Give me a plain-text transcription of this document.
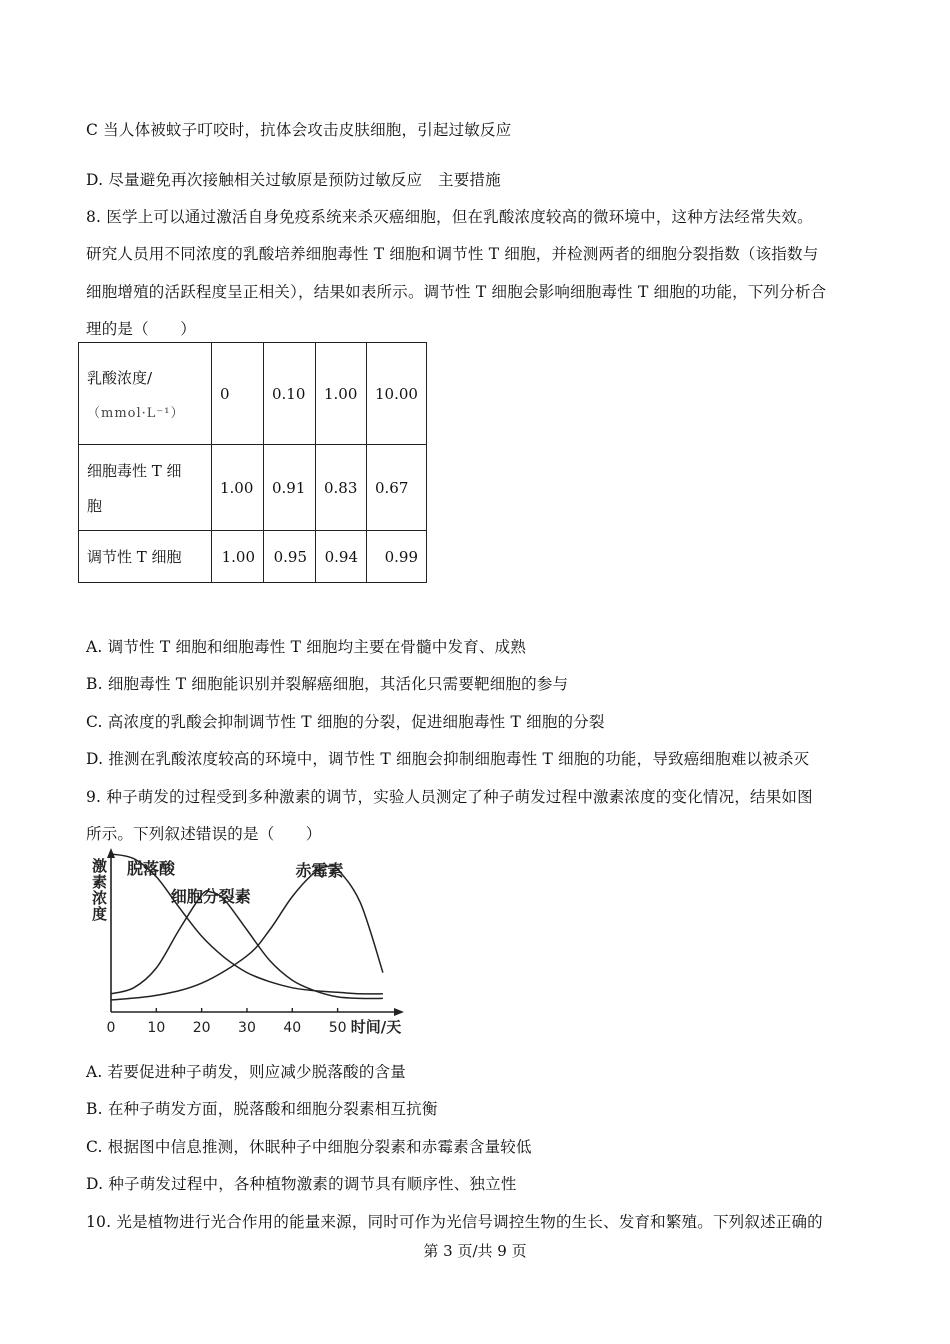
C 当人体被蚊子叮咬时，抗体会攻击皮肤细胞，引起过敏反应
D. 尽量避免再次接触相关过敏原是预防过敏反应　主要措施
8. 医学上可以通过激活自身免疫系统来杀灭癌细胞，但在乳酸浓度较高的微环境中，这种方法经常失效。
研究人员用不同浓度的乳酸培养细胞毒性 T 细胞和调节性 T 细胞，并检测两者的细胞分裂指数（该指数与
细胞增殖的活跃程度呈正相关），结果如表所示。调节性 T 细胞会影响细胞毒性 T 细胞的功能，下列分析合
理的是（　　）
乳酸浓度/
（mmol·L⁻¹）	0	0.10	1.00	10.00

细胞毒性 T 细
胞	1.00	0.91	0.83	0.67

调节性 T 细胞	1.00	0.95	0.94	0.99
A. 调节性 T 细胞和细胞毒性 T 细胞均主要在骨髓中发育、成熟
B. 细胞毒性 T 细胞能识别并裂解癌细胞，其活化只需要靶细胞的参与
C. 高浓度的乳酸会抑制调节性 T 细胞的分裂，促进细胞毒性 T 细胞的分裂
D. 推测在乳酸浓度较高的环境中，调节性 T 细胞会抑制细胞毒性 T 细胞的功能，导致癌细胞难以被杀灭
9. 种子萌发的过程受到多种激素的调节，实验人员测定了种子萌发过程中激素浓度的变化情况，结果如图
所示。下列叙述错误的是（　　）
0 10 20 30 40 50 时间/天
激素浓度 脱落酸
细胞分裂素
赤霉素
A. 若要促进种子萌发，则应减少脱落酸的含量
B. 在种子萌发方面，脱落酸和细胞分裂素相互抗衡
C. 根据图中信息推测，休眠种子中细胞分裂素和赤霉素含量较低
D. 种子萌发过程中，各种植物激素的调节具有顺序性、独立性
10. 光是植物进行光合作用的能量来源，同时可作为光信号调控生物的生长、发育和繁殖。下列叙述正确的
第 3 页/共 9 页
